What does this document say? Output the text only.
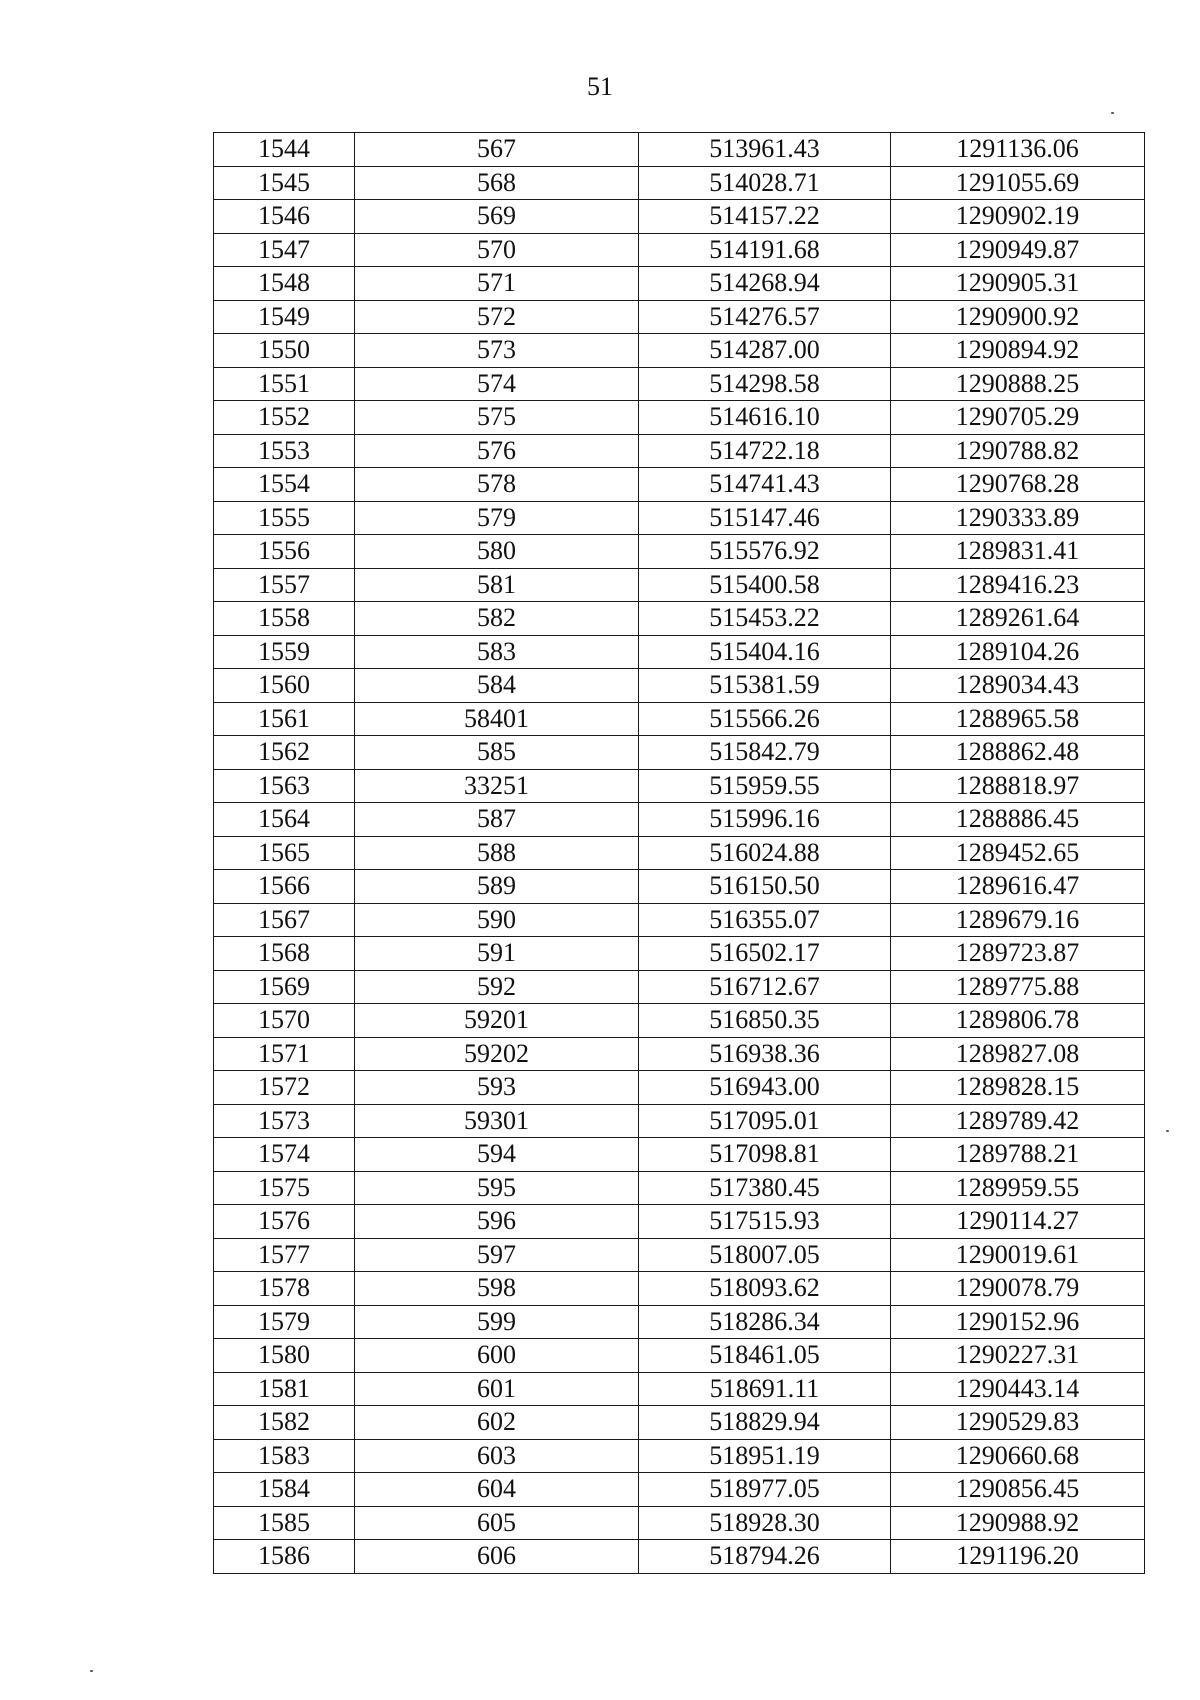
51
1544	567	513961.43	1291136.06
1545	568	514028.71	1291055.69
1546	569	514157.22	1290902.19
1547	570	514191.68	1290949.87
1548	571	514268.94	1290905.31
1549	572	514276.57	1290900.92
1550	573	514287.00	1290894.92
1551	574	514298.58	1290888.25
1552	575	514616.10	1290705.29
1553	576	514722.18	1290788.82
1554	578	514741.43	1290768.28
1555	579	515147.46	1290333.89
1556	580	515576.92	1289831.41
1557	581	515400.58	1289416.23
1558	582	515453.22	1289261.64
1559	583	515404.16	1289104.26
1560	584	515381.59	1289034.43
1561	58401	515566.26	1288965.58
1562	585	515842.79	1288862.48
1563	33251	515959.55	1288818.97
1564	587	515996.16	1288886.45
1565	588	516024.88	1289452.65
1566	589	516150.50	1289616.47
1567	590	516355.07	1289679.16
1568	591	516502.17	1289723.87
1569	592	516712.67	1289775.88
1570	59201	516850.35	1289806.78
1571	59202	516938.36	1289827.08
1572	593	516943.00	1289828.15
1573	59301	517095.01	1289789.42
1574	594	517098.81	1289788.21
1575	595	517380.45	1289959.55
1576	596	517515.93	1290114.27
1577	597	518007.05	1290019.61
1578	598	518093.62	1290078.79
1579	599	518286.34	1290152.96
1580	600	518461.05	1290227.31
1581	601	518691.11	1290443.14
1582	602	518829.94	1290529.83
1583	603	518951.19	1290660.68
1584	604	518977.05	1290856.45
1585	605	518928.30	1290988.92
1586	606	518794.26	1291196.20
